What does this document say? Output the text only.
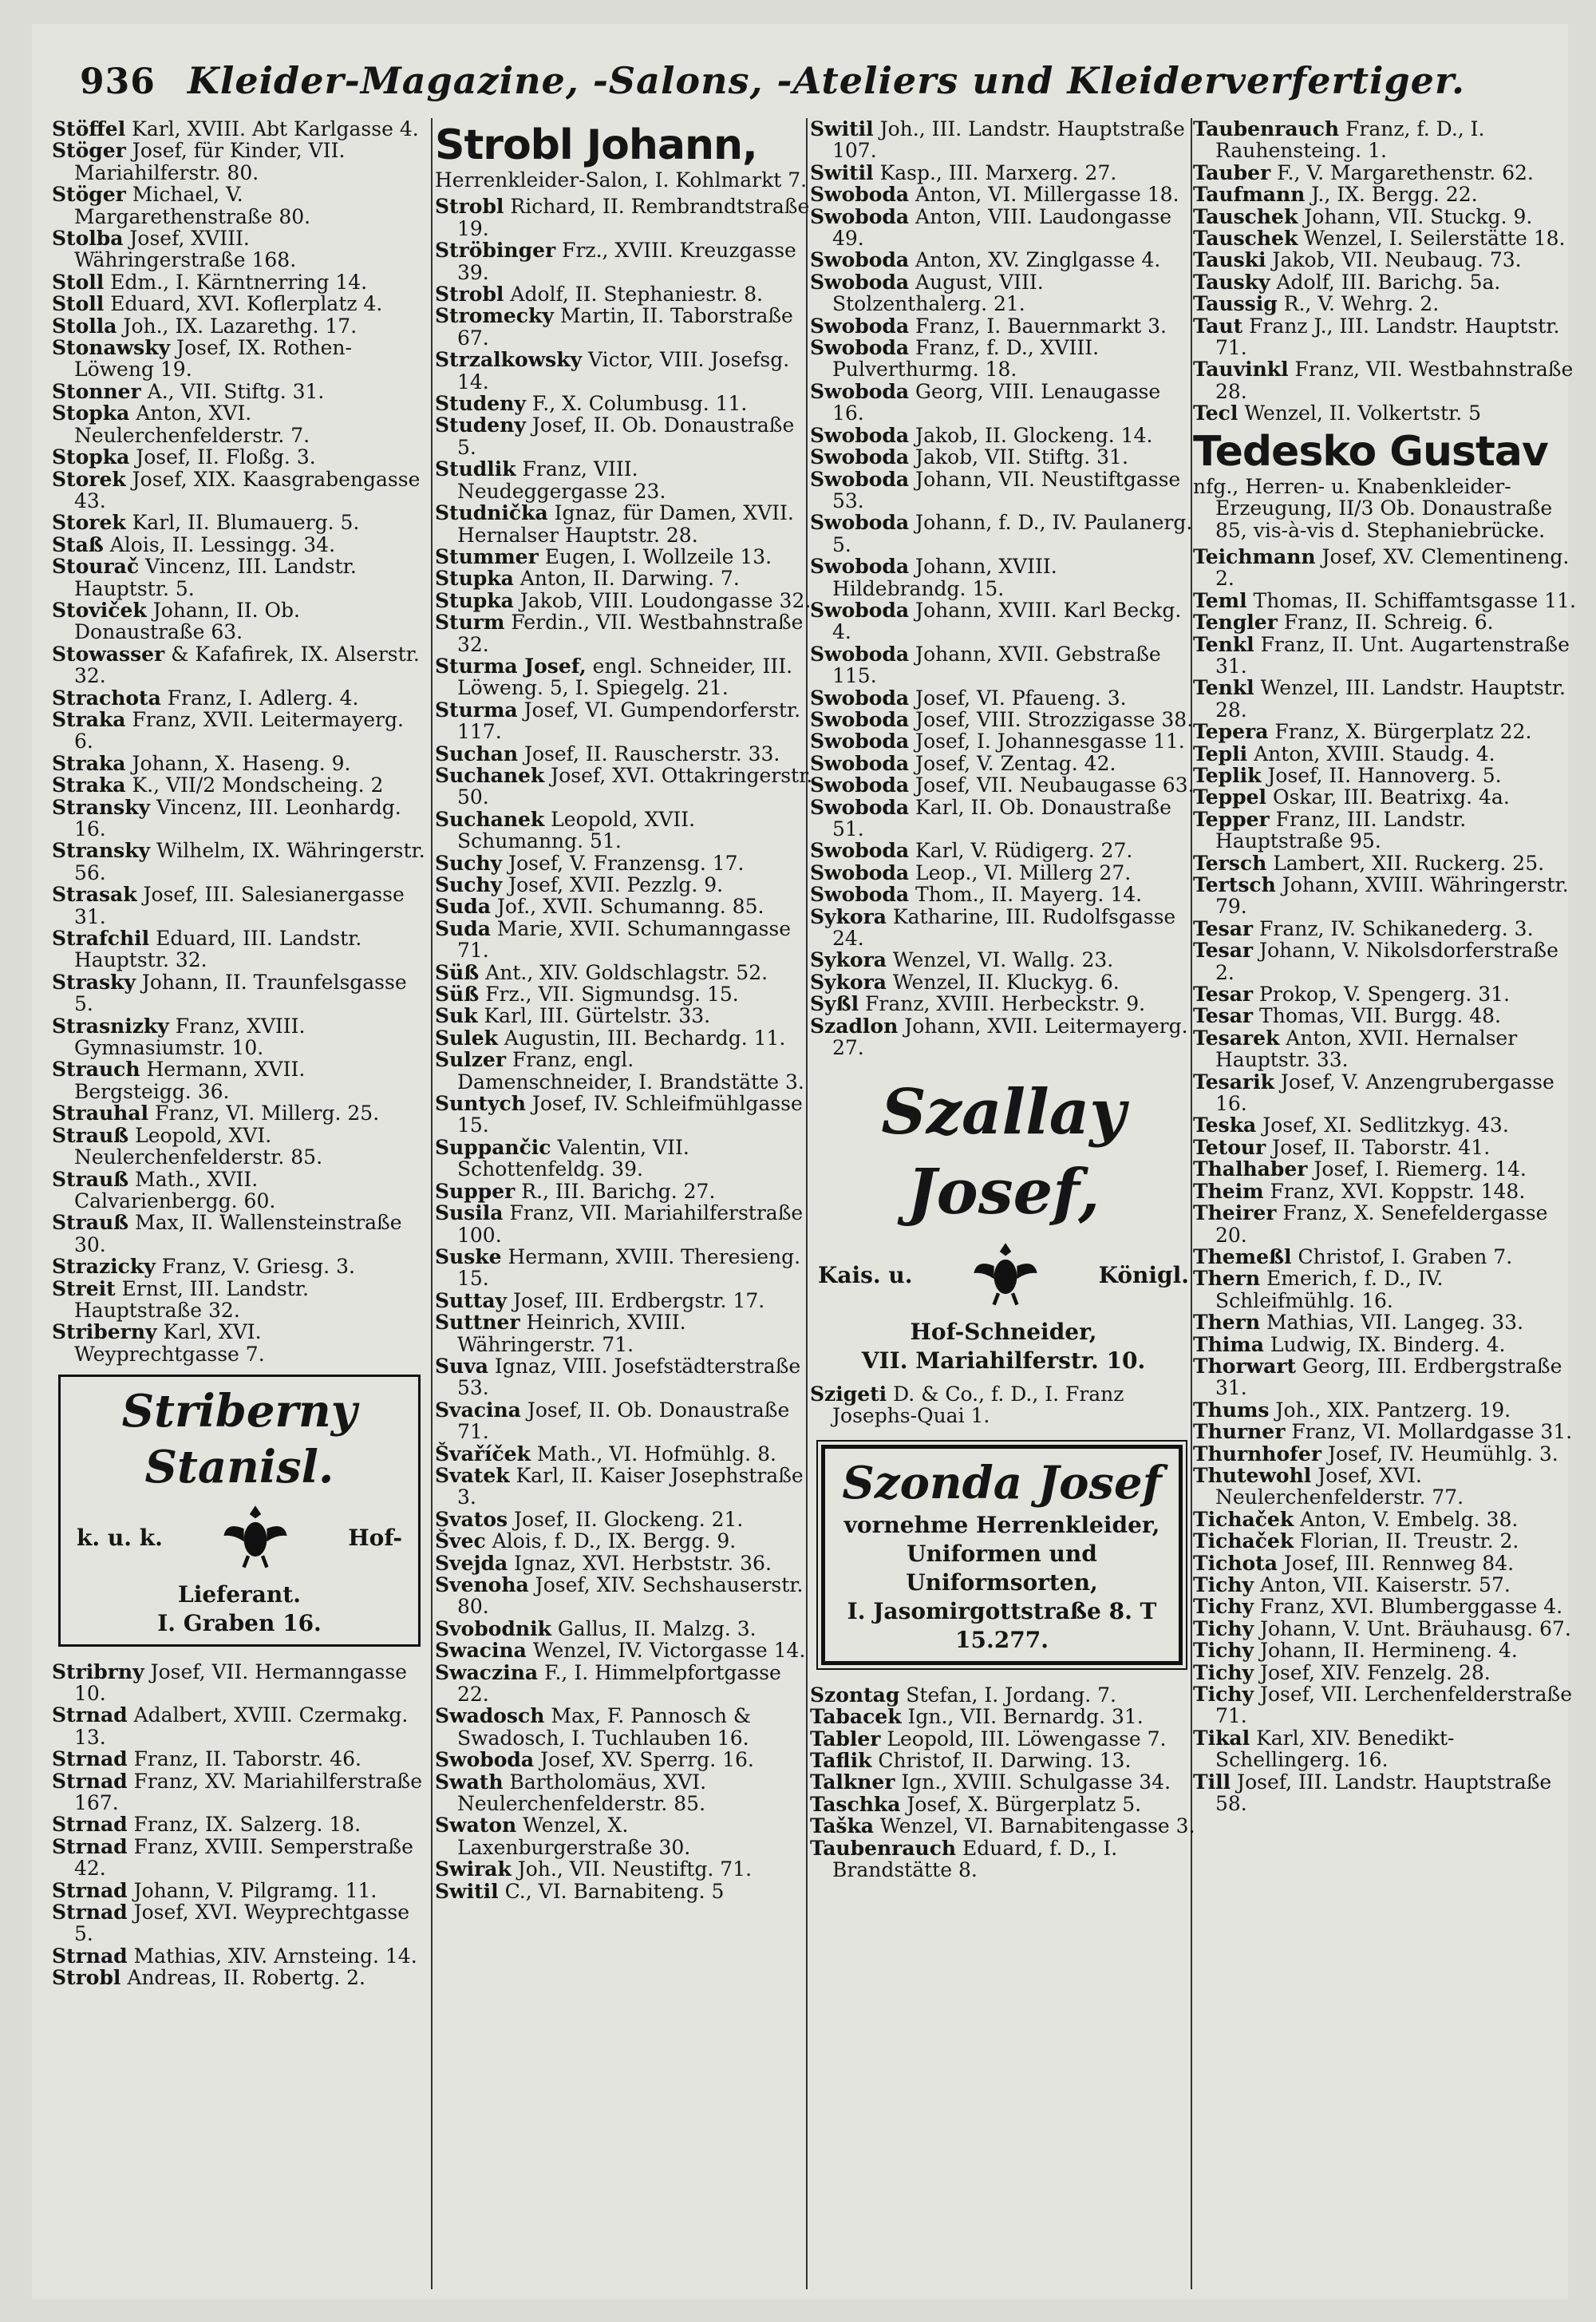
936 Kleider-Magazine, -Salons, -Ateliers und Kleiderverfertiger.

Stöffel Karl, XVIII. Abt Karlgasse 4.

Stöger Josef, für Kinder, VII. Mariahilferstr. 80.

Stöger Michael, V. Margarethenstraße 80.

Stolba Josef, XVIII. Währingerstraße 168.

Stoll Edm., I. Kärntnerring 14.

Stoll Eduard, XVI. Koflerplatz 4.

Stolla Joh., IX. Lazarethg. 17.

Stonawsky Josef, IX. Rothen-Löweng 19.

Stonner A., VII. Stiftg. 31.

Stopka Anton, XVI. Neulerchenfelderstr. 7.

Stopka Josef, II. Floßg. 3.

Storek Josef, XIX. Kaasgrabengasse 43.

Storek Karl, II. Blumauerg. 5.

Staß Alois, II. Lessingg. 34.

Stourač Vincenz, III. Landstr. Hauptstr. 5.

Stoviček Johann, II. Ob. Donaustraße 63.

Stowasser & Kafafirek, IX. Alserstr. 32.

Strachota Franz, I. Adlerg. 4.

Straka Franz, XVII. Leitermayerg. 6.

Straka Johann, X. Haseng. 9.

Straka K., VII/2 Mondscheing. 2

Stransky Vincenz, III. Leonhardg. 16.

Stransky Wilhelm, IX. Währingerstr. 56.

Strasak Josef, III. Salesianergasse 31.

Strafchil Eduard, III. Landstr. Hauptstr. 32.

Strasky Johann, II. Traunfelsgasse 5.

Strasnizky Franz, XVIII. Gymnasiumstr. 10.

Strauch Hermann, XVII. Bergsteigg. 36.

Strauhal Franz, VI. Millerg. 25.

Strauß Leopold, XVI. Neulerchenfelderstr. 85.

Strauß Math., XVII. Calvarienbergg. 60.

Strauß Max, II. Wallensteinstraße 30.

Strazicky Franz, V. Griesg. 3.

Streit Ernst, III. Landstr. Hauptstraße 32.

Striberny Karl, XVI. Weyprechtgasse 7.

Striberny Stanisl.
k. u. k.	Hof-
Lieferant.
I. Graben 16.

Stribrny Josef, VII. Hermanngasse 10.

Strnad Adalbert, XVIII. Czermakg. 13.

Strnad Franz, II. Taborstr. 46.

Strnad Franz, XV. Mariahilferstraße 167.

Strnad Franz, IX. Salzerg. 18.

Strnad Franz, XVIII. Semperstraße 42.

Strnad Johann, V. Pilgramg. 11.

Strnad Josef, XVI. Weyprechtgasse 5.

Strnad Mathias, XIV. Arnsteing. 14.

Strobl Andreas, II. Robertg. 2.

Strobl Johann,

Herrenkleider-Salon, I. Kohlmarkt 7.

Strobl Richard, II. Rembrandtstraße 19.

Ströbinger Frz., XVIII. Kreuzgasse 39.

Strobl Adolf, II. Stephaniestr. 8.

Stromecky Martin, II. Taborstraße 67.

Strzalkowsky Victor, VIII. Josefsg. 14.

Studeny F., X. Columbusg. 11.

Studeny Josef, II. Ob. Donaustraße 5.

Studlik Franz, VIII. Neudeggergasse 23.

Studnička Ignaz, für Damen, XVII. Hernalser Hauptstr. 28.

Stummer Eugen, I. Wollzeile 13.

Stupka Anton, II. Darwing. 7.

Stupka Jakob, VIII. Loudongasse 32.

Sturm Ferdin., VII. Westbahnstraße 32.

Sturma Josef, engl. Schneider, III. Löweng. 5, I. Spiegelg. 21.

Sturma Josef, VI. Gumpendorferstr. 117.

Suchan Josef, II. Rauscherstr. 33.

Suchanek Josef, XVI. Ottakringerstr. 50.

Suchanek Leopold, XVII. Schumanng. 51.

Suchy Josef, V. Franzensg. 17.

Suchy Josef, XVII. Pezzlg. 9.

Suda Jof., XVII. Schumanng. 85.

Suda Marie, XVII. Schumanngasse 71.

Süß Ant., XIV. Goldschlagstr. 52.

Süß Frz., VII. Sigmundsg. 15.

Suk Karl, III. Gürtelstr. 33.

Sulek Augustin, III. Bechardg. 11.

Sulzer Franz, engl. Damenschneider, I. Brandstätte 3.

Suntych Josef, IV. Schleifmühlgasse 15.

Suppančic Valentin, VII. Schottenfeldg. 39.

Supper R., III. Barichg. 27.

Susila Franz, VII. Mariahilferstraße 100.

Suske Hermann, XVIII. Theresieng. 15.

Suttay Josef, III. Erdbergstr. 17.

Suttner Heinrich, XVIII. Währingerstr. 71.

Suva Ignaz, VIII. Josefstädterstraße 53.

Svacina Josef, II. Ob. Donaustraße 71.

Švaříček Math., VI. Hofmühlg. 8.

Svatek Karl, II. Kaiser Josephstraße 3.

Svatos Josef, II. Glockeng. 21.

Švec Alois, f. D., IX. Bergg. 9.

Svejda Ignaz, XVI. Herbststr. 36.

Svenoha Josef, XIV. Sechshauserstr. 80.

Svobodnik Gallus, II. Malzg. 3.

Swacina Wenzel, IV. Victorgasse 14.

Swaczina F., I. Himmelpfortgasse 22.

Swadosch Max, F. Pannosch & Swadosch, I. Tuchlauben 16.

Swoboda Josef, XV. Sperrg. 16.

Swath Bartholomäus, XVI. Neulerchenfelderstr. 85.

Swaton Wenzel, X. Laxenburgerstraße 30.

Swirak Joh., VII. Neustiftg. 71.

Switil C., VI. Barnabiteng. 5

Switil Joh., III. Landstr. Hauptstraße 107.

Switil Kasp., III. Marxerg. 27.

Swoboda Anton, VI. Millergasse 18.

Swoboda Anton, VIII. Laudongasse 49.

Swoboda Anton, XV. Zinglgasse 4.

Swoboda August, VIII. Stolzenthalerg. 21.

Swoboda Franz, I. Bauernmarkt 3.

Swoboda Franz, f. D., XVIII. Pulverthurmg. 18.

Swoboda Georg, VIII. Lenaugasse 16.

Swoboda Jakob, II. Glockeng. 14.

Swoboda Jakob, VII. Stiftg. 31.

Swoboda Johann, VII. Neustiftgasse 53.

Swoboda Johann, f. D., IV. Paulanerg. 5.

Swoboda Johann, XVIII. Hildebrandg. 15.

Swoboda Johann, XVIII. Karl Beckg. 4.

Swoboda Johann, XVII. Gebstraße 115.

Swoboda Josef, VI. Pfaueng. 3.

Swoboda Josef, VIII. Strozzigasse 38.

Swoboda Josef, I. Johannesgasse 11.

Swoboda Josef, V. Zentag. 42.

Swoboda Josef, VII. Neubaugasse 63.

Swoboda Karl, II. Ob. Donaustraße 51.

Swoboda Karl, V. Rüdigerg. 27.

Swoboda Leop., VI. Millerg 27.

Swoboda Thom., II. Mayerg. 14.

Sykora Katharine, III. Rudolfsgasse 24.

Sykora Wenzel, VI. Wallg. 23.

Sykora Wenzel, II. Kluckyg. 6.

Syßl Franz, XVIII. Herbeckstr. 9.

Szadlon Johann, XVII. Leitermayerg. 27.

Szallay Josef,
Kais. u.	Königl.
Hof-Schneider,
VII. Mariahilferstr. 10.

Szigeti D. & Co., f. D., I. Franz Josephs-Quai 1.

Szonda Josef
vornehme Herrenkleider, Uniformen und Uniformsorten,
I. Jasomirgottstraße 8. T 15.277.

Szontag Stefan, I. Jordang. 7.

Tabacek Ign., VII. Bernardg. 31.

Tabler Leopold, III. Löwengasse 7.

Taflik Christof, II. Darwing. 13.

Talkner Ign., XVIII. Schulgasse 34.

Taschka Josef, X. Bürgerplatz 5.

Taška Wenzel, VI. Barnabitengasse 3.

Taubenrauch Eduard, f. D., I. Brandstätte 8.

Taubenrauch Franz, f. D., I. Rauhensteing. 1.

Tauber F., V. Margarethenstr. 62.

Taufmann J., IX. Bergg. 22.

Tauschek Johann, VII. Stuckg. 9.

Tauschek Wenzel, I. Seilerstätte 18.

Tauski Jakob, VII. Neubaug. 73.

Tausky Adolf, III. Barichg. 5a.

Taussig R., V. Wehrg. 2.

Taut Franz J., III. Landstr. Hauptstr. 71.

Tauvinkl Franz, VII. Westbahnstraße 28.

Tecl Wenzel, II. Volkertstr. 5

Tedesko Gustav

nfg., Herren- u. Knabenkleider-Erzeugung, II/3 Ob. Donaustraße 85, vis-à-vis d. Stephaniebrücke.

Teichmann Josef, XV. Clementineng. 2.

Teml Thomas, II. Schiffamtsgasse 11.

Tengler Franz, II. Schreig. 6.

Tenkl Franz, II. Unt. Augartenstraße 31.

Tenkl Wenzel, III. Landstr. Hauptstr. 28.

Tepera Franz, X. Bürgerplatz 22.

Tepli Anton, XVIII. Staudg. 4.

Teplik Josef, II. Hannoverg. 5.

Teppel Oskar, III. Beatrixg. 4a.

Tepper Franz, III. Landstr. Hauptstraße 95.

Tersch Lambert, XII. Ruckerg. 25.

Tertsch Johann, XVIII. Währingerstr. 79.

Tesar Franz, IV. Schikanederg. 3.

Tesar Johann, V. Nikolsdorferstraße 2.

Tesar Prokop, V. Spengerg. 31.

Tesar Thomas, VII. Burgg. 48.

Tesarek Anton, XVII. Hernalser Hauptstr. 33.

Tesarik Josef, V. Anzengrubergasse 16.

Teska Josef, XI. Sedlitzkyg. 43.

Tetour Josef, II. Taborstr. 41.

Thalhaber Josef, I. Riemerg. 14.

Theim Franz, XVI. Koppstr. 148.

Theirer Franz, X. Senefeldergasse 20.

Themeßl Christof, I. Graben 7.

Thern Emerich, f. D., IV. Schleifmühlg. 16.

Thern Mathias, VII. Langeg. 33.

Thima Ludwig, IX. Binderg. 4.

Thorwart Georg, III. Erdbergstraße 31.

Thums Joh., XIX. Pantzerg. 19.

Thurner Franz, VI. Mollardgasse 31.

Thurnhofer Josef, IV. Heumühlg. 3.

Thutewohl Josef, XVI. Neulerchenfelderstr. 77.

Tichaček Anton, V. Embelg. 38.

Tichaček Florian, II. Treustr. 2.

Tichota Josef, III. Rennweg 84.

Tichy Anton, VII. Kaiserstr. 57.

Tichy Franz, XVI. Blumberggasse 4.

Tichy Johann, V. Unt. Bräuhausg. 67.

Tichy Johann, II. Hermineng. 4.

Tichy Josef, XIV. Fenzelg. 28.

Tichy Josef, VII. Lerchenfelderstraße 71.

Tikal Karl, XIV. Benedikt-Schellingerg. 16.

Till Josef, III. Landstr. Hauptstraße 58.
